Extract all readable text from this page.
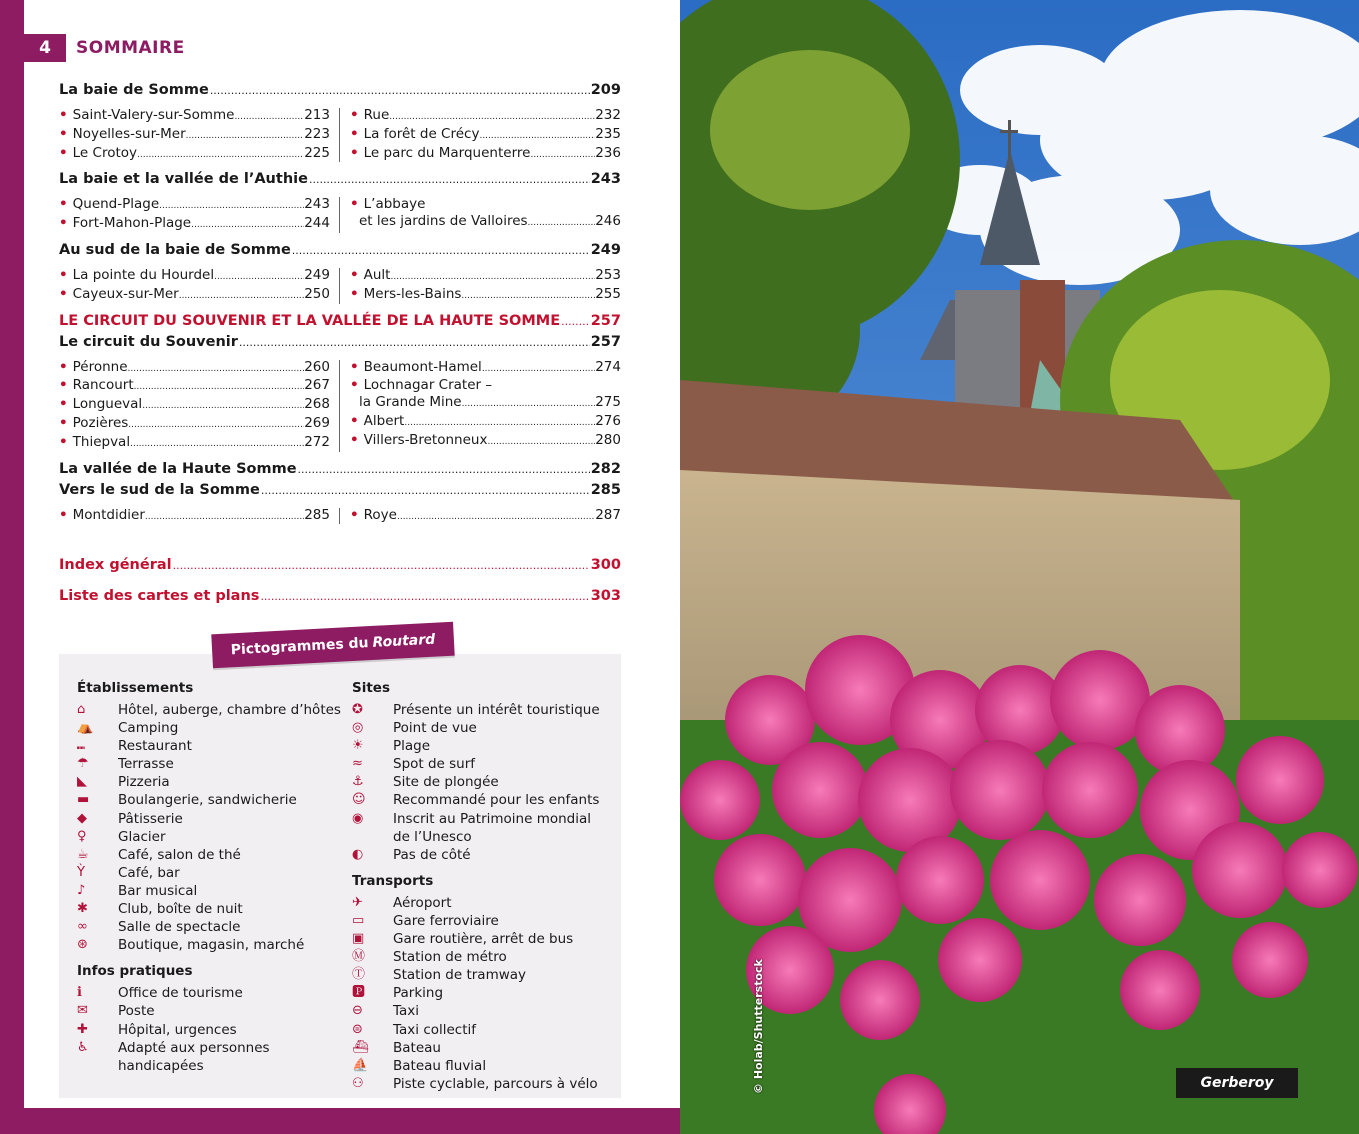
4	SOMMAIRE
La baie de Somme .....	209
• Saint-Valery-sur-Somme .....	213
• Noyelles-sur-Mer .....	223
• Le Crotoy .....	225
• Rue .....	232
• La forêt de Crécy .....	235
• Le parc du Marquenterre .....	236
La baie et la vallée de l’Authie .....	243
• Quend-Plage .....	243
• Fort-Mahon-Plage .....	244
• L’abbaye
et les jardins de Valloires .....	246
Au sud de la baie de Somme .....	249
• La pointe du Hourdel .....	249
• Cayeux-sur-Mer .....	250
• Ault .....	253
• Mers-les-Bains .....	255
LE CIRCUIT DU SOUVENIR ET LA VALLÉE DE LA HAUTE SOMME ..... 257
Le circuit du Souvenir .....	257
• Péronne .....	260
• Rancourt .....	267
• Longueval .....	268
• Pozières .....	269
• Thiepval .....	272
• Beaumont-Hamel .....	274
• Lochnagar Crater –
la Grande Mine .....	275
• Albert .....	276
• Villers-Bretonneux .....	280
La vallée de la Haute Somme .....	282
Vers le sud de la Somme .....	285
• Montdidier .....	285 • Roye .....	287
Index général .....	300
Liste des cartes et plans .....	303
Établissements
⌂	Hôtel, auberge, chambre d’hôtes
⛺	Camping
⑉	Restaurant
☂	Terrasse
◣	Pizzeria
▬	Boulangerie, sandwicherie
◆	Pâtisserie
♀	Glacier
☕	Café, salon de thé
Ỳ	Café, bar
♪	Bar musical
✱	Club, boîte de nuit
∞	Salle de spectacle
⊛	Boutique, magasin, marché
Infos pratiques
ℹ	Office de tourisme
✉	Poste
✚	Hôpital, urgences
♿	Adapté aux personnes
handicapées
Sites
✪	Présente un intérêt touristique
◎	Point de vue
☀	Plage
≈	Spot de surf
⚓	Site de plongée
☺	Recommandé pour les enfants
◉	Inscrit au Patrimoine mondial
de l’Unesco
◐	Pas de côté
Transports
✈	Aéroport
▭	Gare ferroviaire
▣	Gare routière, arrêt de bus
Ⓜ	Station de métro
Ⓣ	Station de tramway
🅿	Parking
⊖	Taxi
⊜	Taxi collectif
⛴	Bateau
⛵	Bateau fluvial
⚇	Piste cyclable, parcours à vélo
Pictogrammes du Routard
© Holab/Shutterstock	Gerberoy
